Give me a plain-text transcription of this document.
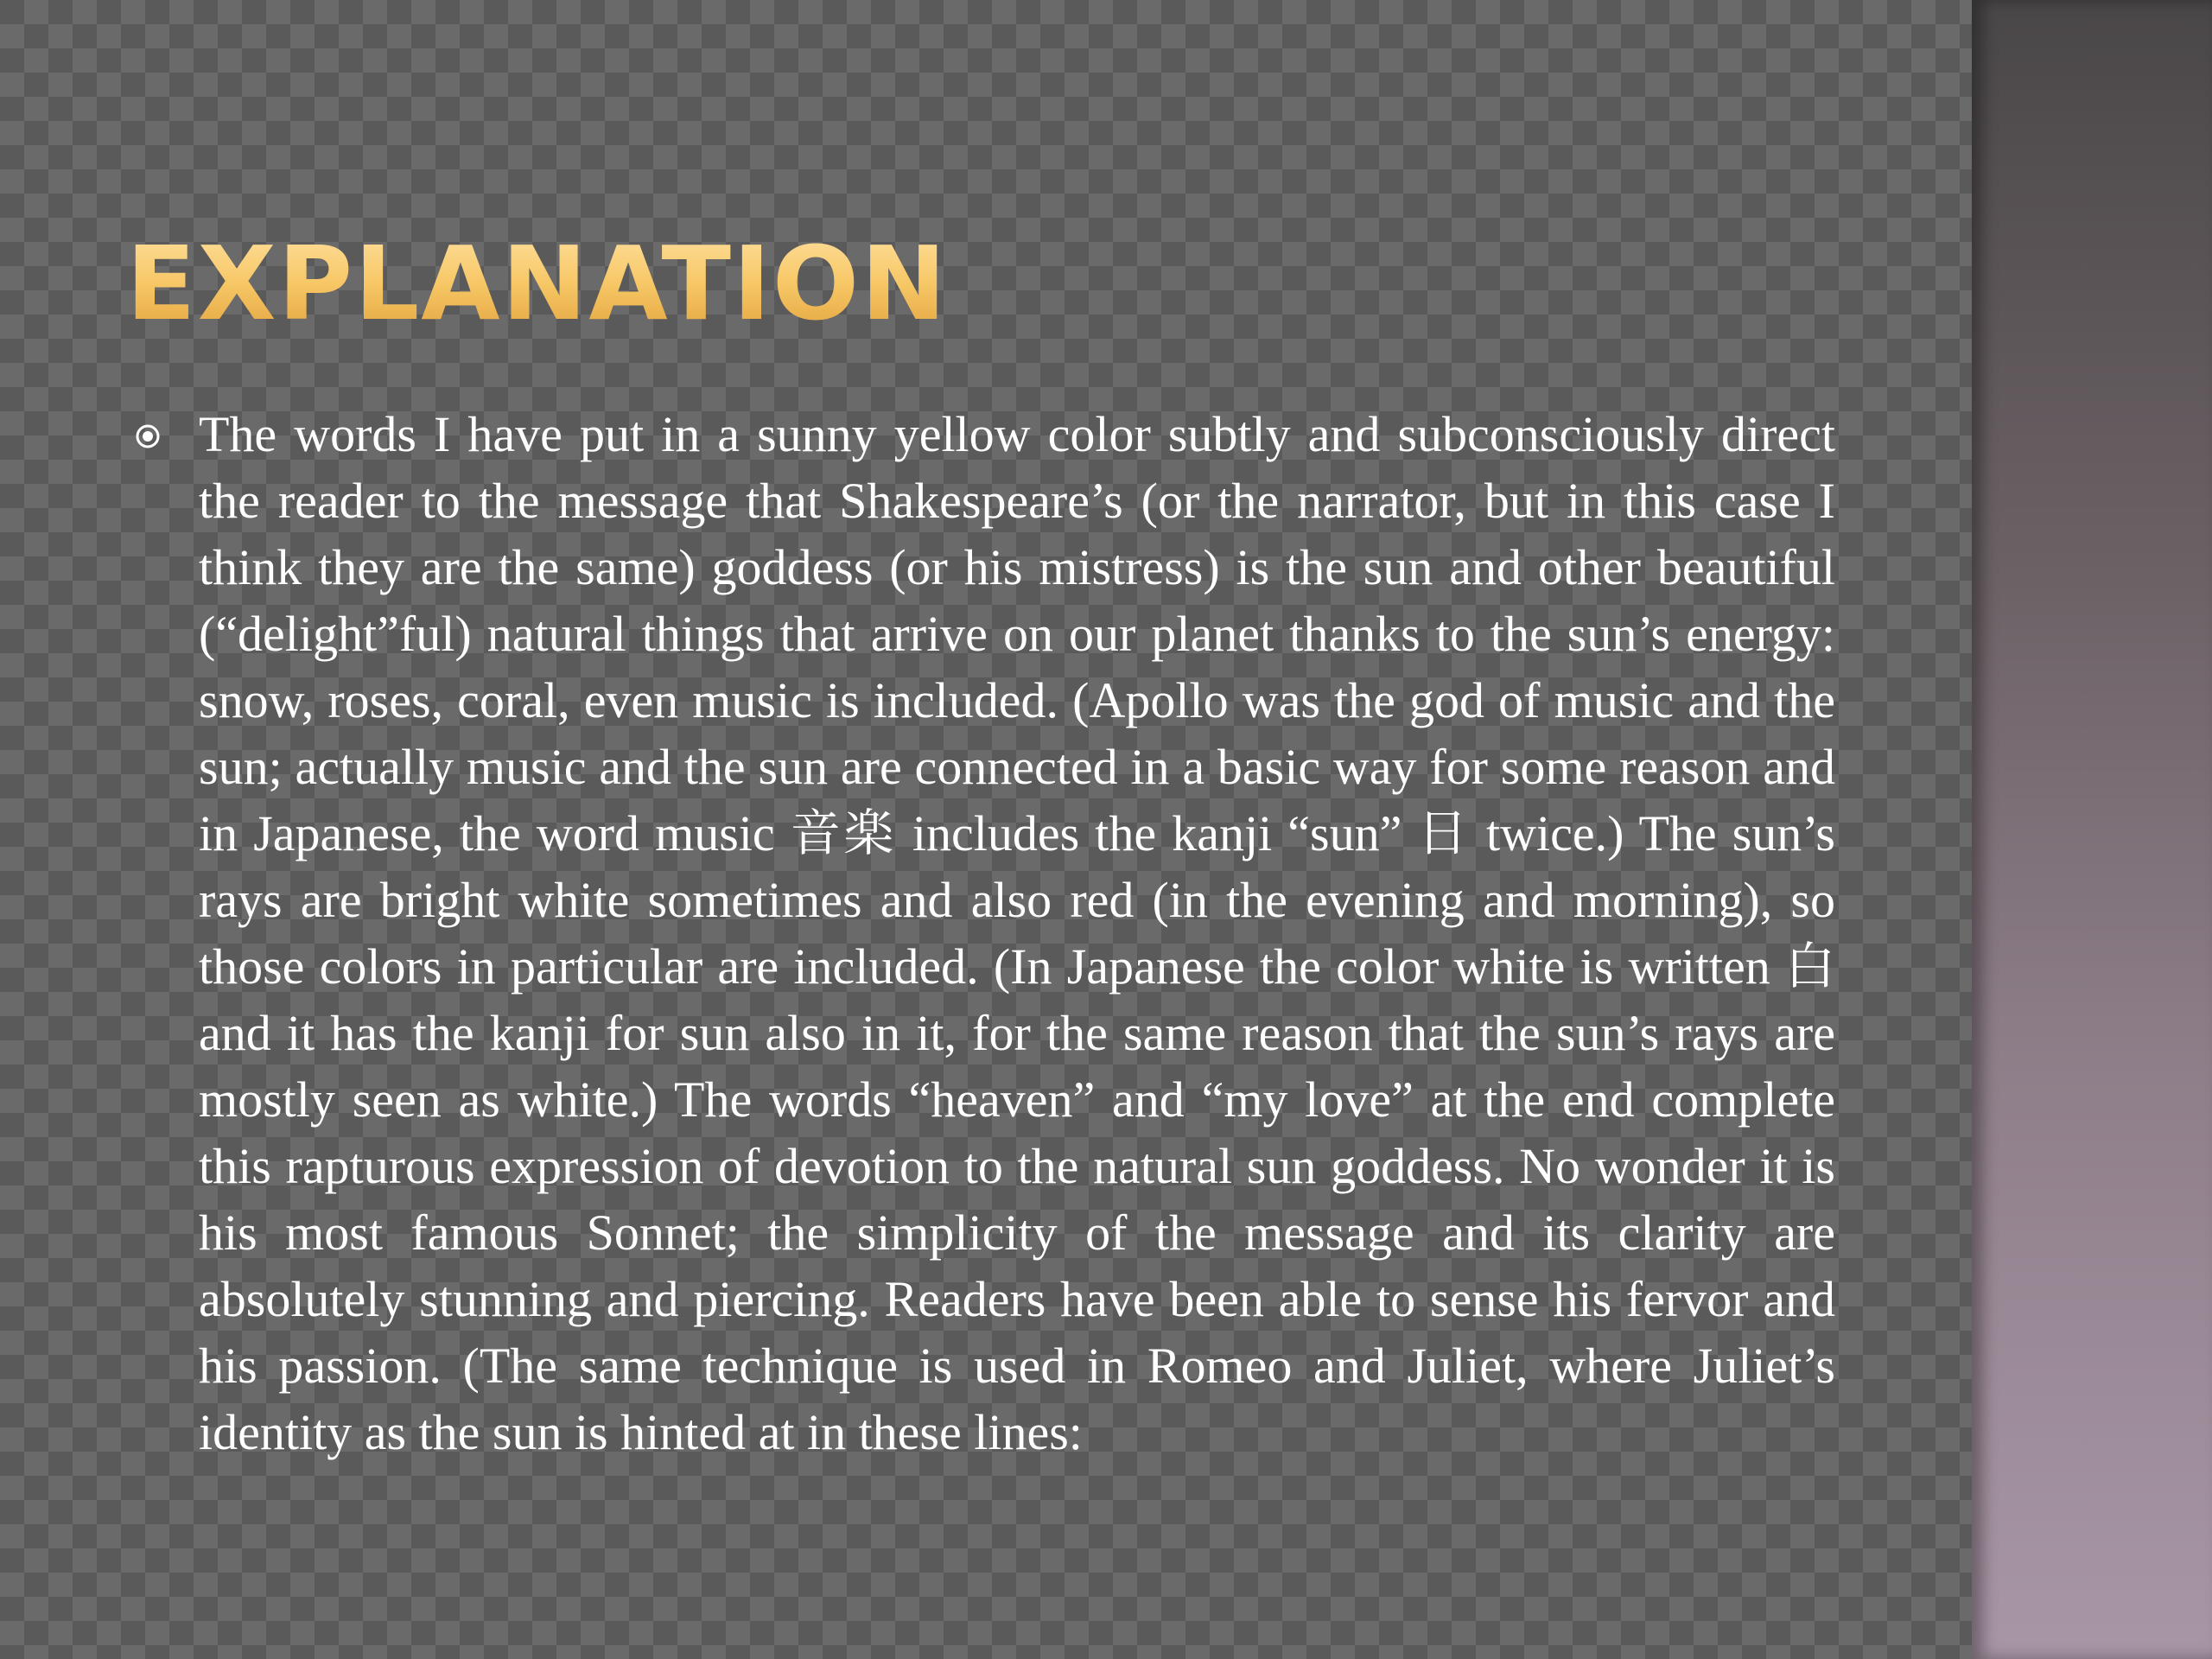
EXPLANATION

The words I have put in a sunny yellow color subtly and subconsciously direct the reader to the message that Shakespeare’s (or the narrator, but in this case I think they are the same) goddess (or his mistress) is the sun and other beautiful (“delight”ful) natural things that arrive on our planet thanks to the sun’s energy: snow, roses, coral, even music is included. (Apollo was the god of music and the sun; actually music and the sun are connected in a basic way for some reason and in Japanese, the word music 音楽 includes the kanji “sun” 日 twice.) The sun’s rays are bright white sometimes and also red (in the evening and morning), so those colors in particular are included. (In Japanese the color white is written 白 and it has the kanji for sun also in it, for the same reason that the sun’s rays are mostly seen as white.) The words “heaven” and “my love” at the end complete this rapturous expression of devotion to the natural sun goddess. No wonder it is his most famous Sonnet; the simplicity of the message and its clarity are absolutely stunning and piercing. Readers have been able to sense his fervor and his passion. (The same technique is used in Romeo and Juliet, where Juliet’s identity as the sun is hinted at in these lines:
